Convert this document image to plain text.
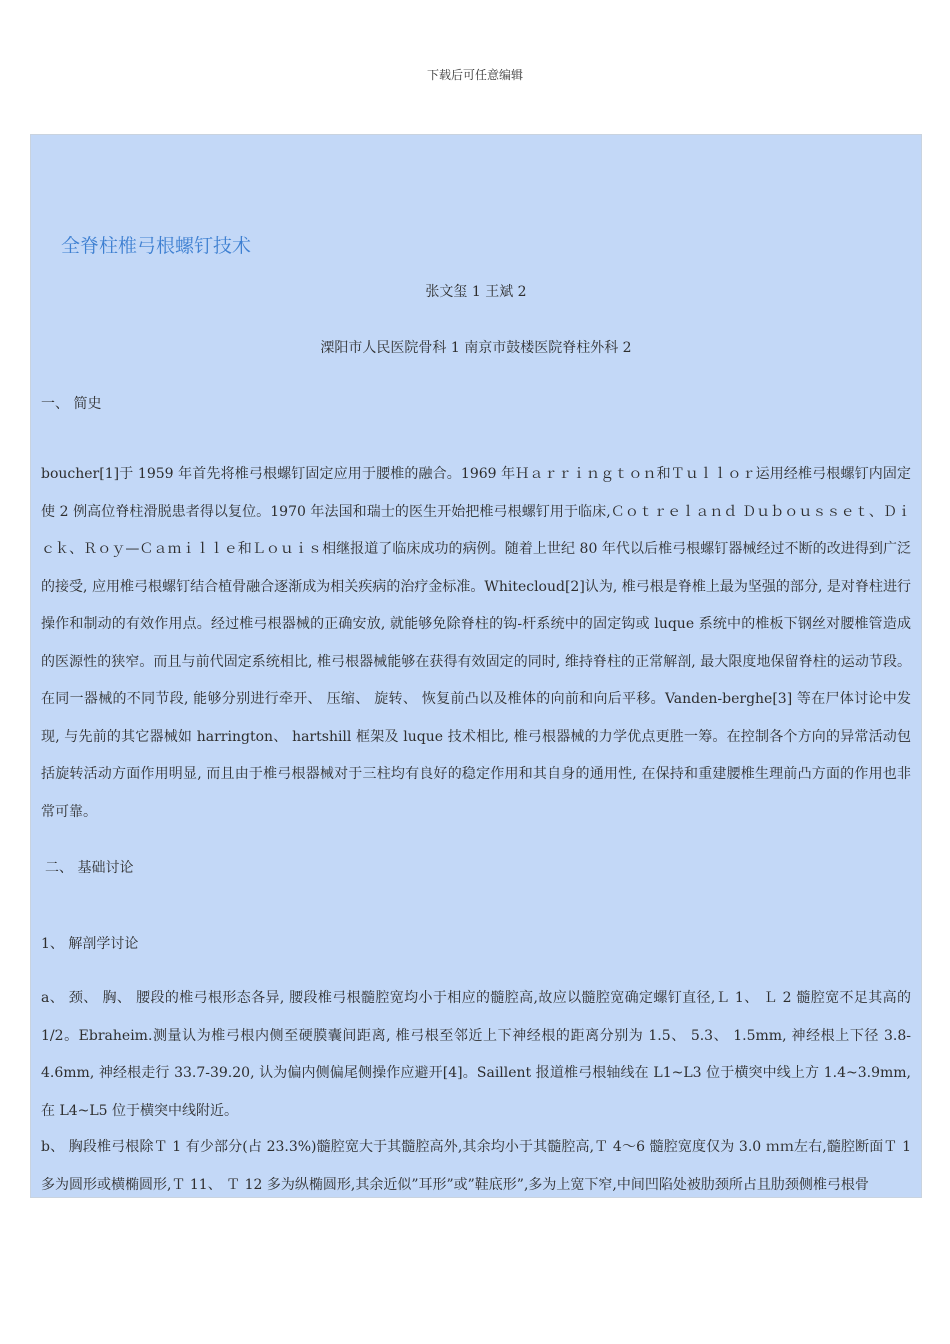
下载后可任意编辑
全脊柱椎弓根螺钉技术
张文玺 1 王斌 2
溧阳市人民医院骨科 1 南京市鼓楼医院脊柱外科 2
一、 简史
boucher[1]于 1959 年首先将椎弓根螺钉固定应用于腰椎的融合。1969 年Ｈａｒｒｉｎｇｔｏｎ和Ｔｕｌｌｏｒ运用经椎弓根螺钉内固定使 2 例高位脊柱滑脱患者得以复位。1970 年法国和瑞士的医生开始把椎弓根螺钉用于临床,Ｃｏｔｒｅｌａｎｄ Ｄｕｂｏｕｓｓｅｔ、Ｄｉｃｋ、Ｒｏｙ—Ｃａｍｉｌｌｅ和Ｌｏｕｉｓ相继报道了临床成功的病例。随着上世纪 80 年代以后椎弓根螺钉器械经过不断的改进得到广泛的接受, 应用椎弓根螺钉结合植骨融合逐渐成为相关疾病的治疗金标准。Whitecloud[2]认为, 椎弓根是脊椎上最为坚强的部分, 是对脊柱进行操作和制动的有效作用点。经过椎弓根器械的正确安放, 就能够免除脊柱的钩-杆系统中的固定钩或 luque 系统中的椎板下钢丝对腰椎管造成的医源性的狭窄。而且与前代固定系统相比, 椎弓根器械能够在获得有效固定的同时, 维持脊柱的正常解剖, 最大限度地保留脊柱的运动节段。在同一器械的不同节段, 能够分别进行牵开、 压缩、 旋转、 恢复前凸以及椎体的向前和向后平移。Vanden-berghe[3] 等在尸体讨论中发现, 与先前的其它器械如 harrington、 hartshill 框架及 luque 技术相比, 椎弓根器械的力学优点更胜一筹。在控制各个方向的异常活动包括旋转活动方面作用明显, 而且由于椎弓根器械对于三柱均有良好的稳定作用和其自身的通用性, 在保持和重建腰椎生理前凸方面的作用也非常可靠。
二、 基础讨论
1、 解剖学讨论
a、 颈、 胸、 腰段的椎弓根形态各异, 腰段椎弓根髓腔宽均小于相应的髓腔高,故应以髓腔宽确定螺钉直径,Ｌ 1、 Ｌ 2 髓腔宽不足其高的 1/2。Ebraheim.测量认为椎弓根内侧至硬膜囊间距离, 椎弓根至邻近上下神经根的距离分别为 1.5、 5.3、 1.5mm, 神经根上下径 3.8-4.6mm, 神经根走行 33.7-39.20, 认为偏内侧偏尾侧操作应避开[4]。Saillent 报道椎弓根轴线在 L1~L3 位于横突中线上方 1.4~3.9mm, 在 L4~L5 位于横突中线附近。
b、 胸段椎弓根除Ｔ 1 有少部分(占 23.3%)髓腔宽大于其髓腔高外,其余均小于其髓腔高,Ｔ 4～6 髓腔宽度仅为 3.0 ｍｍ左右,髓腔断面Ｔ 1 多为圆形或横椭圆形,Ｔ 11、 Ｔ 12 多为纵椭圆形,其余近似”耳形”或”鞋底形”,多为上宽下窄,中间凹陷处被肋颈所占且肋颈侧椎弓根骨
